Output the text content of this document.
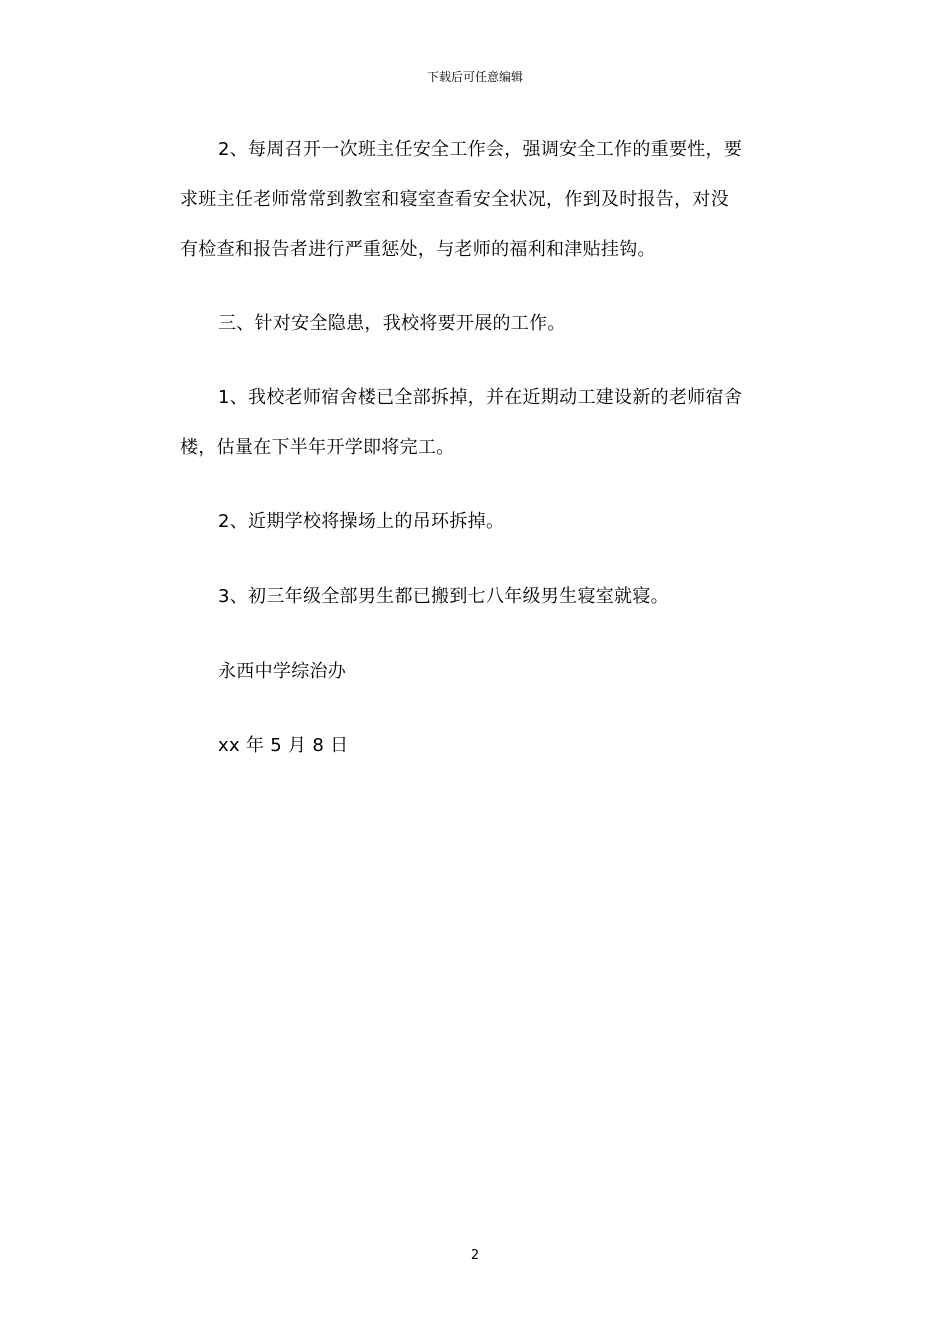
下载后可任意编辑
2、每周召开一次班主任安全工作会，强调安全工作的重要性，要
求班主任老师常常到教室和寝室查看安全状况，作到及时报告，对没
有检查和报告者进行严重惩处，与老师的福利和津贴挂钩。
三、针对安全隐患，我校将要开展的工作。
1、我校老师宿舍楼已全部拆掉，并在近期动工建设新的老师宿舍
楼，估量在下半年开学即将完工。
2、近期学校将操场上的吊环拆掉。
3、初三年级全部男生都已搬到七八年级男生寝室就寝。
永西中学综治办
xx 年 5 月 8 日
2
